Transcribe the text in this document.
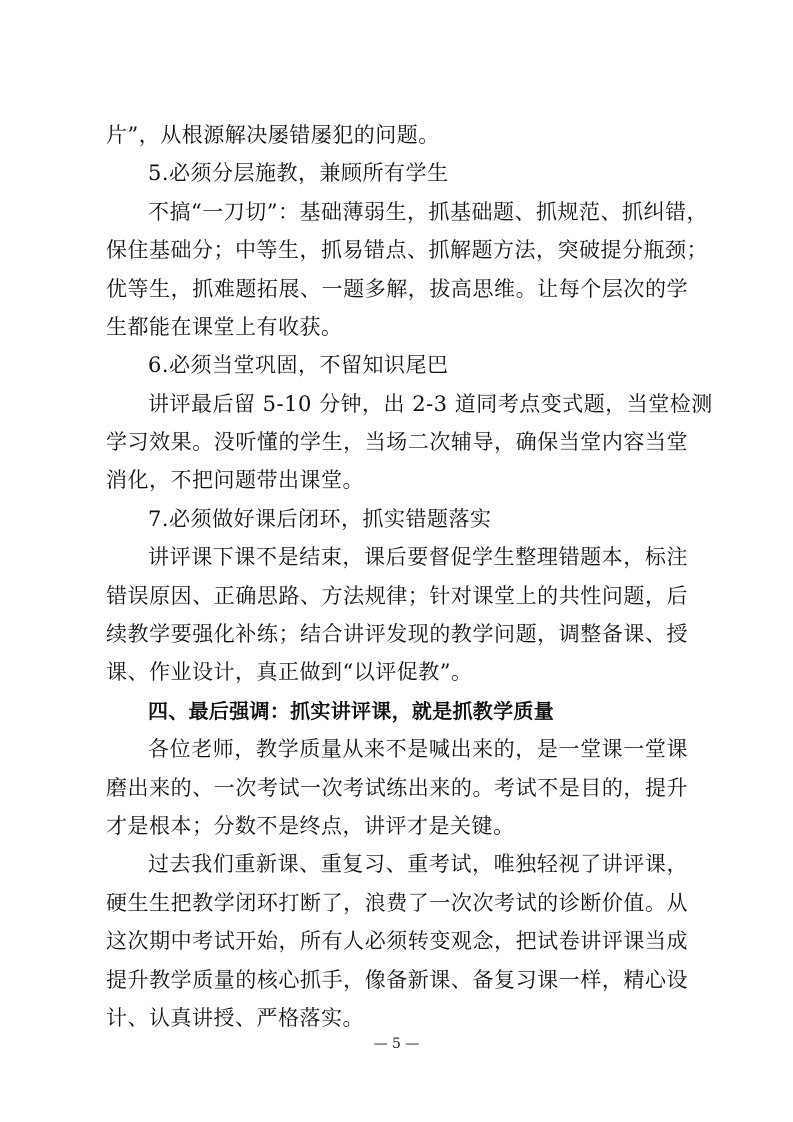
片”，从根源解决屡错屡犯的问题。
5.必须分层施教，兼顾所有学生
不搞“一刀切”：基础薄弱生，抓基础题、抓规范、抓纠错，
保住基础分；中等生，抓易错点、抓解题方法，突破提分瓶颈；
优等生，抓难题拓展、一题多解，拔高思维。让每个层次的学
生都能在课堂上有收获。
6.必须当堂巩固，不留知识尾巴
讲评最后留 5-10 分钟，出 2-3 道同考点变式题，当堂检测
学习效果。没听懂的学生，当场二次辅导，确保当堂内容当堂
消化，不把问题带出课堂。
7.必须做好课后闭环，抓实错题落实
讲评课下课不是结束，课后要督促学生整理错题本，标注
错误原因、正确思路、方法规律；针对课堂上的共性问题，后
续教学要强化补练；结合讲评发现的教学问题，调整备课、授
课、作业设计，真正做到“以评促教”。
四、最后强调：抓实讲评课，就是抓教学质量
各位老师，教学质量从来不是喊出来的，是一堂课一堂课
磨出来的、一次考试一次考试练出来的。考试不是目的，提升
才是根本；分数不是终点，讲评才是关键。
过去我们重新课、重复习、重考试，唯独轻视了讲评课，
硬生生把教学闭环打断了，浪费了一次次考试的诊断价值。从
这次期中考试开始，所有人必须转变观念，把试卷讲评课当成
提升教学质量的核心抓手，像备新课、备复习课一样，精心设
计、认真讲授、严格落实。
— 5 —
